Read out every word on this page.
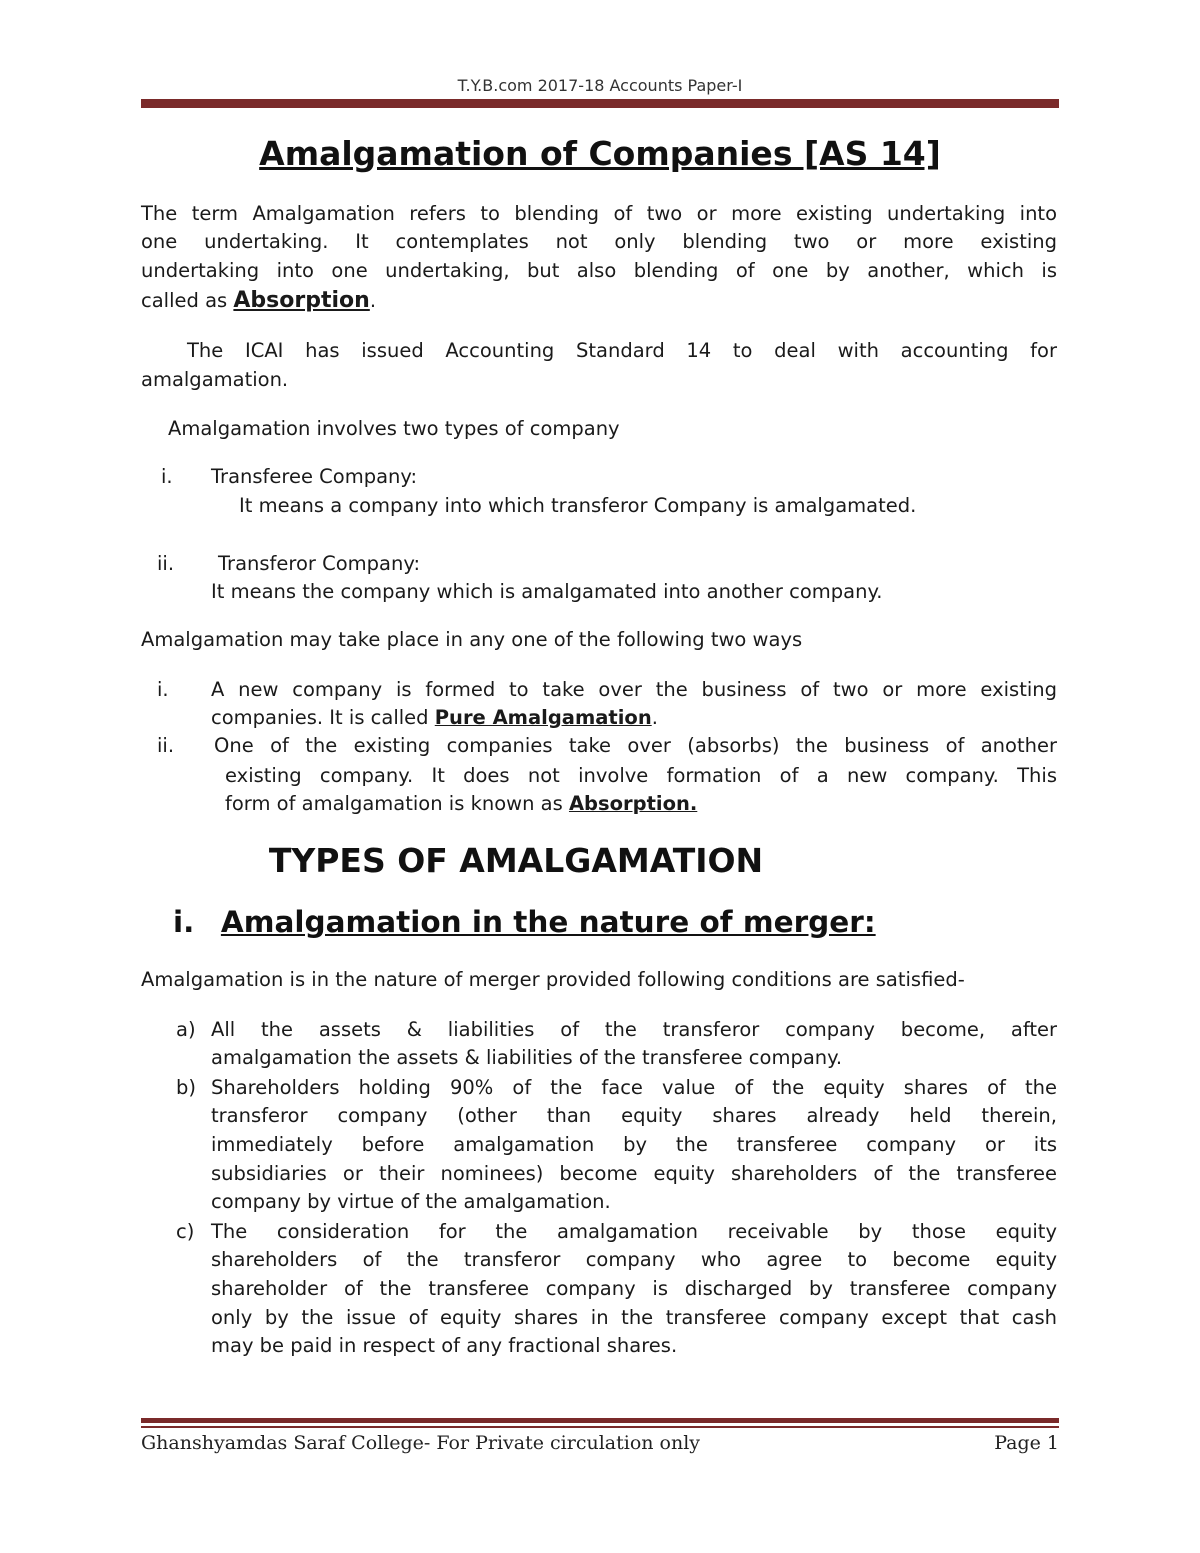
T.Y.B.com 2017-18 Accounts Paper-I
Amalgamation of Companies [AS 14]
The term Amalgamation refers to blending of two or more existing undertaking into
one undertaking. It contemplates not only blending two or more existing
undertaking into one undertaking, but also blending of one by another, which is
called as Absorption.
The ICAI has issued Accounting Standard 14 to deal with accounting for
amalgamation.
Amalgamation involves two types of company
i. Transferee Company:
It means a company into which transferor Company is amalgamated.
ii. Transferor Company:
It means the company which is amalgamated into another company.
Amalgamation may take place in any one of the following two ways
i. A new company is formed to take over the business of two or more existing
companies. It is called Pure Amalgamation.
ii. One of the existing companies take over (absorbs) the business of another
existing company. It does not involve formation of a new company. This
form of amalgamation is known as Absorption.
TYPES OF AMALGAMATION
i. Amalgamation in the nature of merger:
Amalgamation is in the nature of merger provided following conditions are satisfied-
a) All the assets & liabilities of the transferor company become, after
amalgamation the assets & liabilities of the transferee company.
b) Shareholders holding 90% of the face value of the equity shares of the
transferor company (other than equity shares already held therein,
immediately before amalgamation by the transferee company or its
subsidiaries or their nominees) become equity shareholders of the transferee
company by virtue of the amalgamation.
c) The consideration for the amalgamation receivable by those equity
shareholders of the transferor company who agree to become equity
shareholder of the transferee company is discharged by transferee company
only by the issue of equity shares in the transferee company except that cash
may be paid in respect of any fractional shares.
Ghanshyamdas Saraf College- For Private circulation only	Page 1
